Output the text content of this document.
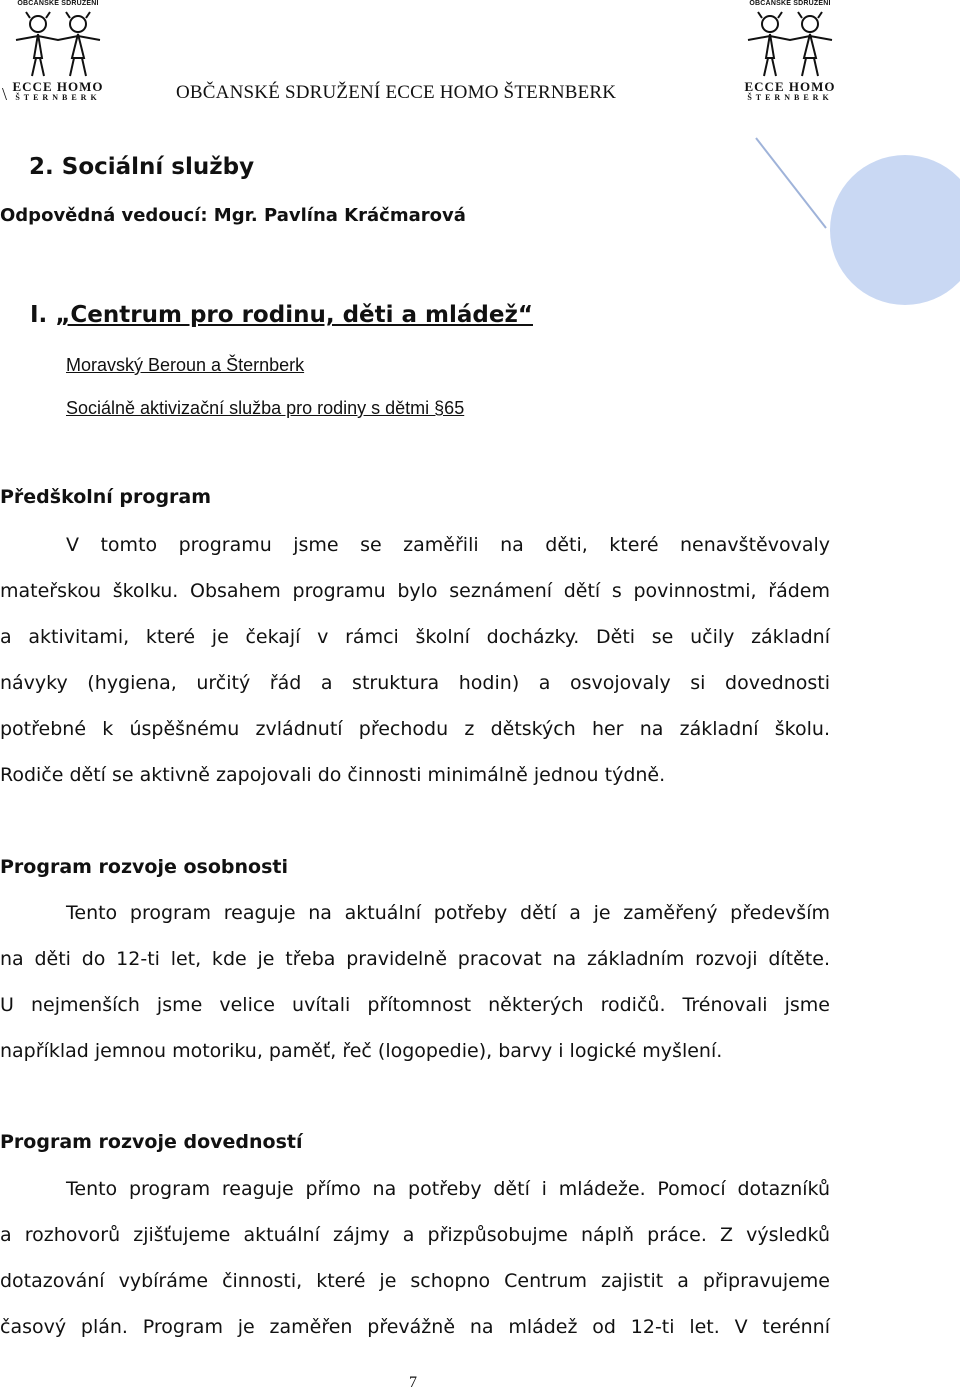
OBČANSKÉ SDRUŽENÍ
ECCE HOMO
ŠTERNBERK
\	OBČANSKÉ SDRUŽENÍ ECCE HOMO ŠTERNBERK
OBČANSKÉ SDRUŽENÍ
ECCE HOMO
ŠTERNBERK
2. Sociální služby
Odpovědná vedoucí: Mgr. Pavlína Kráčmarová
I. „Centrum pro rodinu, děti a mládež“
Moravský Beroun a Šternberk
Sociálně aktivizační služba pro rodiny s dětmi §65
Předškolní program
V tomto programu jsme se zaměřili na děti, které nenavštěvovaly
mateřskou školku. Obsahem programu bylo seznámení dětí s povinnostmi, řádem
a aktivitami, které je čekají v rámci školní docházky. Děti se učily základní
návyky (hygiena, určitý řád a struktura hodin) a osvojovaly si dovednosti
potřebné k úspěšnému zvládnutí přechodu z dětských her na základní školu.
Rodiče dětí se aktivně zapojovali do činnosti minimálně jednou týdně.
Program rozvoje osobnosti
Tento program reaguje na aktuální potřeby dětí a je zaměřený především
na děti do 12-ti let, kde je třeba pravidelně pracovat na základním rozvoji dítěte.
U nejmenších jsme velice uvítali přítomnost některých rodičů. Trénovali jsme
například jemnou motoriku, paměť, řeč (logopedie), barvy i logické myšlení.
Program rozvoje dovedností
Tento program reaguje přímo na potřeby dětí i mládeže. Pomocí dotazníků
a rozhovorů zjišťujeme aktuální zájmy a přizpůsobujme náplň práce. Z výsledků
dotazování vybíráme činnosti, které je schopno Centrum zajistit a připravujeme
časový plán. Program je zaměřen převážně na mládež od 12-ti let. V terénní
7
